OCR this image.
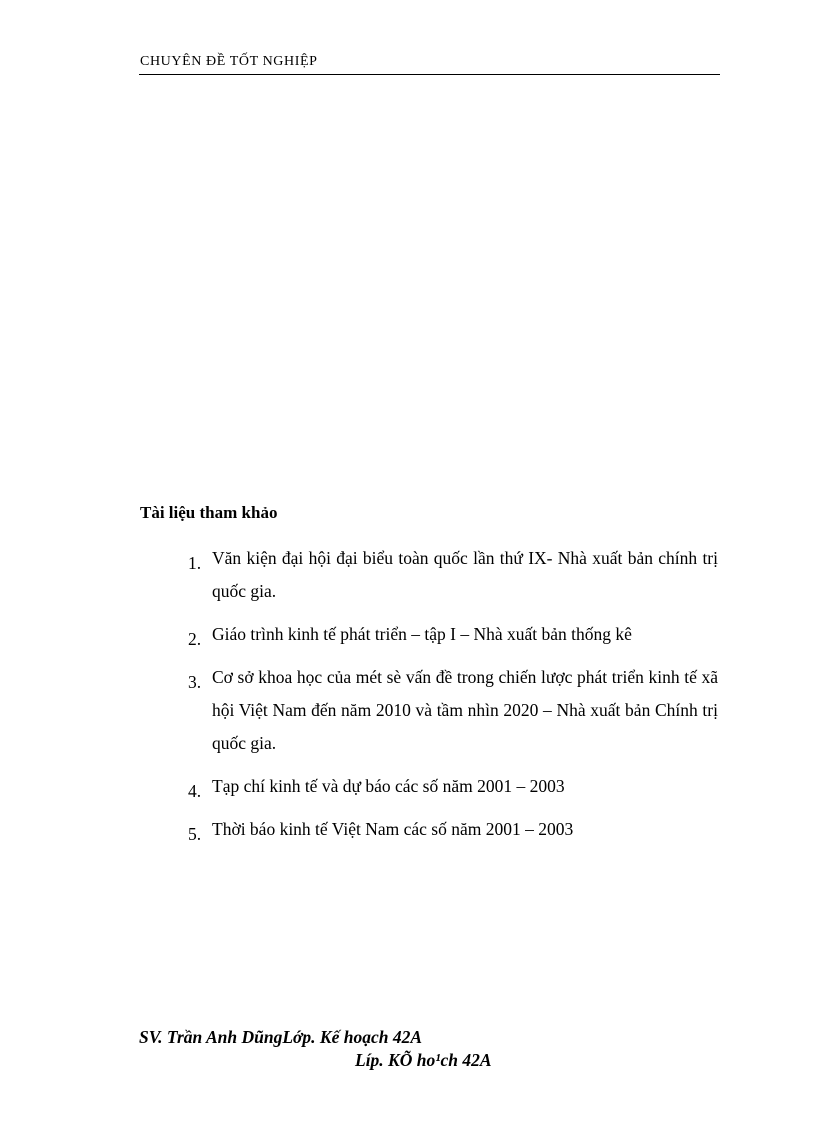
CHUYÊN ĐỀ TỐT NGHIỆP
Tài liệu tham khảo
1. Văn kiện đại hội đại biểu toàn quốc lần thứ IX- Nhà xuất bản chính trị quốc gia.
2. Giáo trình kinh tế phát triển – tập I – Nhà xuất bản thống kê
3. Cơ sở khoa học của mét sè vấn đề trong chiến lược phát triển kinh tế xã hội Việt Nam đến năm 2010 và tầm nhìn 2020 – Nhà xuất bản Chính trị quốc gia.
4. Tạp chí kinh tế và dự báo các số năm 2001 – 2003
5. Thời báo kinh tế Việt Nam các số năm 2001 – 2003
SV. Trần Anh DũngLớp. Kế hoạch 42A
Líp. KÕ ho¹ch 42A
